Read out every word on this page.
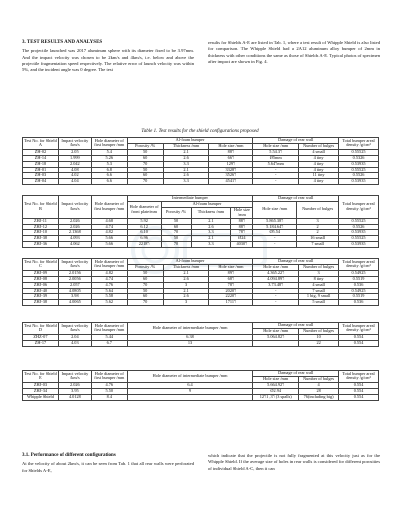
3. TEST RESULTS AND ANALYSES
The projectile launched was 2017 aluminum sphere with its diameter fixed to be 3.97mm. And the impact velocity was chosen to be 2km/s and 4km/s, i.e. below and above the projectile fragmentation speed respectively. The relative error of launch velocity was within 5%, and the incident angle was 0 degree. The test
results for Shields A-E are listed in Tab. 1, where a test result of Whipple Shield is also listed for comparison. The Whipple Shield had a 2A12 aluminum alloy bumper of 2mm in thickness with other conditions the same as those of Shields A-E. Typical photos of specimen after impact are shown in Fig. 4.
Table 1. Test results for the shield configurations proposed
Test No. for Shield A	Impact velocity /km/s	Hole diameter of first bumper /mm	Al-foam bumper			Damage of rear wall		Total bumper areal density /g/cm²
			Porosity /%	Thickness /mm	Hole size /mm	Hole size /mm	Number of bulges	
ZH-02	2.05	5.4	50	2.1	8ר8	5.5ר4.3	4 small	0.55525
ZH-14	1.999	5.26	60	2.6	6ר6	Ø5mm	4 tiny	0.5326
ZH-18	2.042	5.3	70	3.3	12ר9	5.6ר4mm	4 tiny	0.53935
ZH-01	4.08	6.8	50	2.1	33ר28	-	4 tiny	0.55525
ZH-03	4.02	6.6	60	2.6	35ר26	-	11 tiny	0.5526
ZH-04	4.04	6.6	70	3.3	45ר41	-	4 tiny	0.53935
Test No. for Shield B	Impact velocity /km/s	Hole diameter of first bumper /mm	Intermediate bumper				Damage of rear wall		Total bumper areal density /g/cm²
			Hole diameter of front plate/mm	Al-foam bumper			Hole size /mm	Number of bulges	
				Porosity /%	Thickness /mm	Hole size /mm			
ZHJ-11	2.026	4.68	5.92	50	2.1	8ר8	5.86ר5.38	3	0.55525
ZHJ-12	2.026	4.74	6.12	60	2.6	8ר8	5.18ר4.64	2	0.5526
ZHJ-10	2.1368	4.82	6.10	70	3.3	7ר8	Ø5.54	2	0.53935
ZHJ-38	4.093	5.66	6.96	50	2.1	Ø24	-	16 small	0.55525
ZHJ-36	4.062	5.66	22ר18	70	3.3	40ר30	-	7 small	0.53935
Test No. for Shield C	Impact velocity /km/s	Hole diameter of first bumper /mm	Al-foam bumper			Damage of rear wall		Total bumper areal density /g/cm²
			Porosity /%	Thickness /mm	Hole size /mm	Hole size /mm	Number of bulges	
ZHJ-09	2.0156	4.82	50	2.1	8ר9	4.36ר5.22	3	0.54925
ZHJ-08	2.0056	4.74	60	2.6	6ר8	4.09ר4.89	8 tiny	0.5519
ZHJ-06	2.057	4.76	70	3	7ר8	3.7ר3.48	4 small	0.536
ZHJ-40	4.0805	5.64	50	2.1	20ר20	-	7 small	0.54925
ZHJ-39	3.98	5.58	60	2.6	22ר20	-	1 big, 9 small	0.5519
ZHJ-38	4.0065	5.62	70	3	17ר11	-	5 small	0.536
Test No. for Shield D	Impact velocity /km/s	Hole diameter of first bumper /mm	Hole diameter of intermediate bumper /mm	Damage of rear wall		Total bumper areal density /g/cm²
				Hole size /mm	Number of bulges	
ZHZ-07	2.04	5.44	6.38	5.06ר4.82	10	0.554
ZH-17	4.03	6.7	13		22	0.554
Test No. for Shield E	Impact velocity /km/s	Hole diameter of first bumper /mm	Hole diameter of intermediate bumper /mm	Damage of rear wall		Total bumper areal density /g/cm²
				Hole size /mm	Number of bulges	
ZHJ-03	2.026	4.76	6.4	5.66ר4.92	4	0.554
ZHJ-34	3.95	5.50	9	Ø2.94	28	0.554
Whipple Shield	4.0128	8.4		1ר3, 1ר2 (3 spalls)	76(including big)	0.554
3.1. Performance of different configurations
At the velocity of about 2km/s, it can be seen from Tab. 1 that all rear walls were perforated for Shields A-E,
which indicate that the projectile is not fully fragmented at this velocity just as for the Whipple Shield. If the average size of holes in rear walls is considered for different porosities of individual Shield A-C, then it can
